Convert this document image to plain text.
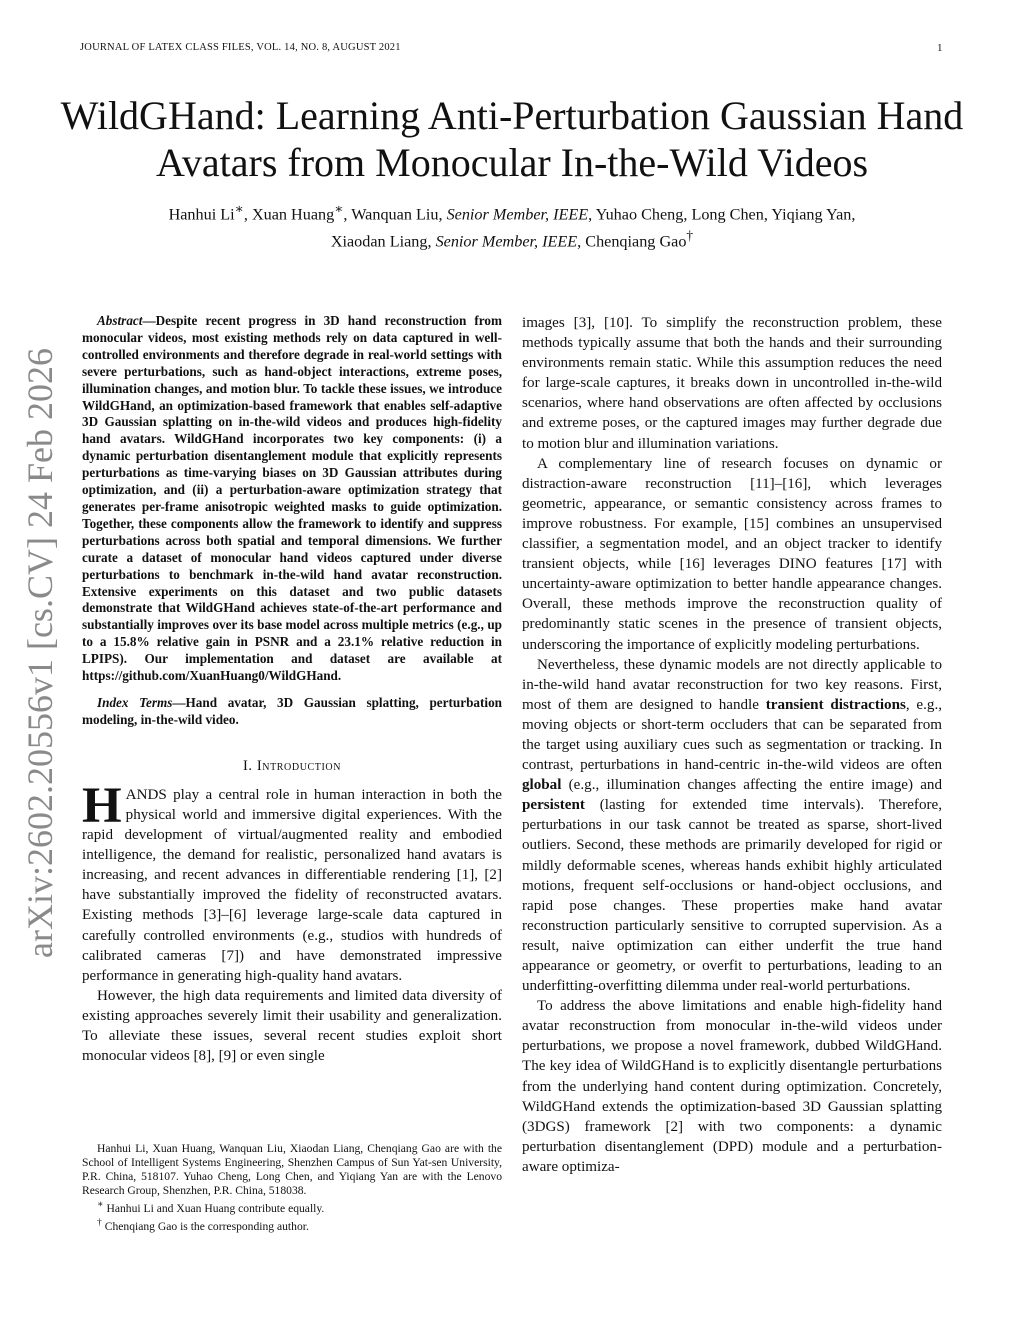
JOURNAL OF LATEX CLASS FILES, VOL. 14, NO. 8, AUGUST 2021	1
WildGHand: Learning Anti-Perturbation Gaussian Hand Avatars from Monocular In-the-Wild Videos
Hanhui Li∗, Xuan Huang∗, Wanquan Liu, Senior Member, IEEE, Yuhao Cheng, Long Chen, Yiqiang Yan,
Xiaodan Liang, Senior Member, IEEE, Chenqiang Gao†
arXiv:2602.20556v1 [cs.CV] 24 Feb 2026

Abstract—Despite recent progress in 3D hand reconstruction from monocular videos, most existing methods rely on data captured in well-controlled environments and therefore degrade in real-world settings with severe perturbations, such as hand-object interactions, extreme poses, illumination changes, and motion blur. To tackle these issues, we introduce WildGHand, an optimization-based framework that enables self-adaptive 3D Gaussian splatting on in-the-wild videos and produces high-fidelity hand avatars. WildGHand incorporates two key components: (i) a dynamic perturbation disentanglement module that explicitly represents perturbations as time-varying biases on 3D Gaussian attributes during optimization, and (ii) a perturbation-aware optimization strategy that generates per-frame anisotropic weighted masks to guide optimization. Together, these components allow the framework to identify and suppress perturbations across both spatial and temporal dimensions. We further curate a dataset of monocular hand videos captured under diverse perturbations to benchmark in-the-wild hand avatar reconstruction. Extensive experiments on this dataset and two public datasets demonstrate that WildGHand achieves state-of-the-art performance and substantially improves over its base model across multiple metrics (e.g., up to a 15.8% relative gain in PSNR and a 23.1% relative reduction in LPIPS). Our implementation and dataset are available at https://github.com/XuanHuang0/WildGHand.

Index Terms—Hand avatar, 3D Gaussian splatting, perturbation modeling, in-the-wild video.

I. Introduction

HANDS play a central role in human interaction in both the physical world and immersive digital experiences. With the rapid development of virtual/augmented reality and embodied intelligence, the demand for realistic, personalized hand avatars is increasing, and recent advances in differentiable rendering [1], [2] have substantially improved the fidelity of reconstructed avatars. Existing methods [3]–[6] leverage large-scale data captured in carefully controlled environments (e.g., studios with hundreds of calibrated cameras [7]) and have demonstrated impressive performance in generating high-quality hand avatars.

However, the high data requirements and limited data diversity of existing approaches severely limit their usability and generalization. To alleviate these issues, several recent studies exploit short monocular videos [8], [9] or even single

Hanhui Li, Xuan Huang, Wanquan Liu, Xiaodan Liang, Chenqiang Gao are with the School of Intelligent Systems Engineering, Shenzhen Campus of Sun Yat-sen University, P.R. China, 518107. Yuhao Cheng, Long Chen, and Yiqiang Yan are with the Lenovo Research Group, Shenzhen, P.R. China, 518038.

∗ Hanhui Li and Xuan Huang contribute equally.

† Chenqiang Gao is the corresponding author.

images [3], [10]. To simplify the reconstruction problem, these methods typically assume that both the hands and their surrounding environments remain static. While this assumption reduces the need for large-scale captures, it breaks down in uncontrolled in-the-wild scenarios, where hand observations are often affected by occlusions and extreme poses, or the captured images may further degrade due to motion blur and illumination variations.

A complementary line of research focuses on dynamic or distraction-aware reconstruction [11]–[16], which leverages geometric, appearance, or semantic consistency across frames to improve robustness. For example, [15] combines an unsupervised classifier, a segmentation model, and an object tracker to identify transient objects, while [16] leverages DINO features [17] with uncertainty-aware optimization to better handle appearance changes. Overall, these methods improve the reconstruction quality of predominantly static scenes in the presence of transient objects, underscoring the importance of explicitly modeling perturbations.

Nevertheless, these dynamic models are not directly applicable to in-the-wild hand avatar reconstruction for two key reasons. First, most of them are designed to handle transient distractions, e.g., moving objects or short-term occluders that can be separated from the target using auxiliary cues such as segmentation or tracking. In contrast, perturbations in hand-centric in-the-wild videos are often global (e.g., illumination changes affecting the entire image) and persistent (lasting for extended time intervals). Therefore, perturbations in our task cannot be treated as sparse, short-lived outliers. Second, these methods are primarily developed for rigid or mildly deformable scenes, whereas hands exhibit highly articulated motions, frequent self-occlusions or hand-object occlusions, and rapid pose changes. These properties make hand avatar reconstruction particularly sensitive to corrupted supervision. As a result, naive optimization can either underfit the true hand appearance or geometry, or overfit to perturbations, leading to an underfitting-overfitting dilemma under real-world perturbations.

To address the above limitations and enable high-fidelity hand avatar reconstruction from monocular in-the-wild videos under perturbations, we propose a novel framework, dubbed WildGHand. The key idea of WildGHand is to explicitly disentangle perturbations from the underlying hand content during optimization. Concretely, WildGHand extends the optimization-based 3D Gaussian splatting (3DGS) framework [2] with two components: a dynamic perturbation disentanglement (DPD) module and a perturbation-aware optimiza-
